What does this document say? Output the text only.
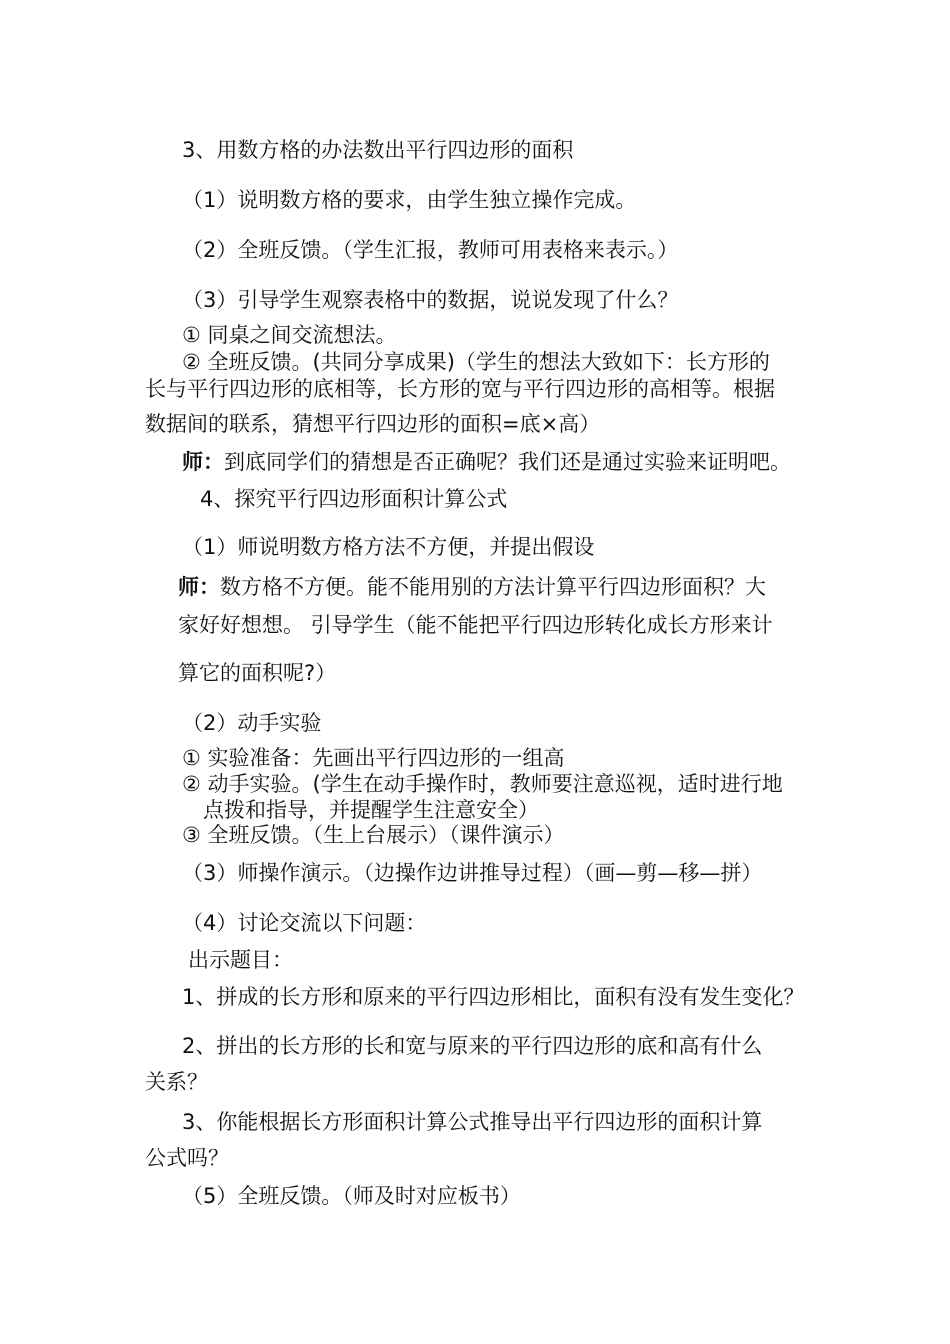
3、用数方格的办法数出平行四边形的面积

（1）说明数方格的要求，由学生独立操作完成。

（2）全班反馈。（学生汇报，教师可用表格来表示。）

（3）引导学生观察表格中的数据，说说发现了什么？

① 同桌之间交流想法。

② 全班反馈。(共同分享成果)（学生的想法大致如下：长方形的

长与平行四边形的底相等，长方形的宽与平行四边形的高相等。根据

数据间的联系，猜想平行四边形的面积=底×高）

师：到底同学们的猜想是否正确呢？我们还是通过实验来证明吧。

4、探究平行四边形面积计算公式

（1）师说明数方格方法不方便，并提出假设

师：数方格不方便。能不能用别的方法计算平行四边形面积？大

家好好想想。 引导学生（能不能把平行四边形转化成长方形来计

算它的面积呢?）

（2）动手实验

① 实验准备：先画出平行四边形的一组高

② 动手实验。(学生在动手操作时，教师要注意巡视，适时进行地

点拨和指导，并提醒学生注意安全）

③ 全班反馈。（生上台展示）（课件演示）

（3）师操作演示。（边操作边讲推导过程）（画—剪—移—拼）

（4）讨论交流以下问题：

出示题目：

1、拼成的长方形和原来的平行四边形相比，面积有没有发生变化？

2、拼出的长方形的长和宽与原来的平行四边形的底和高有什么

关系？

3、你能根据长方形面积计算公式推导出平行四边形的面积计算

公式吗？

（5）全班反馈。（师及时对应板书）
